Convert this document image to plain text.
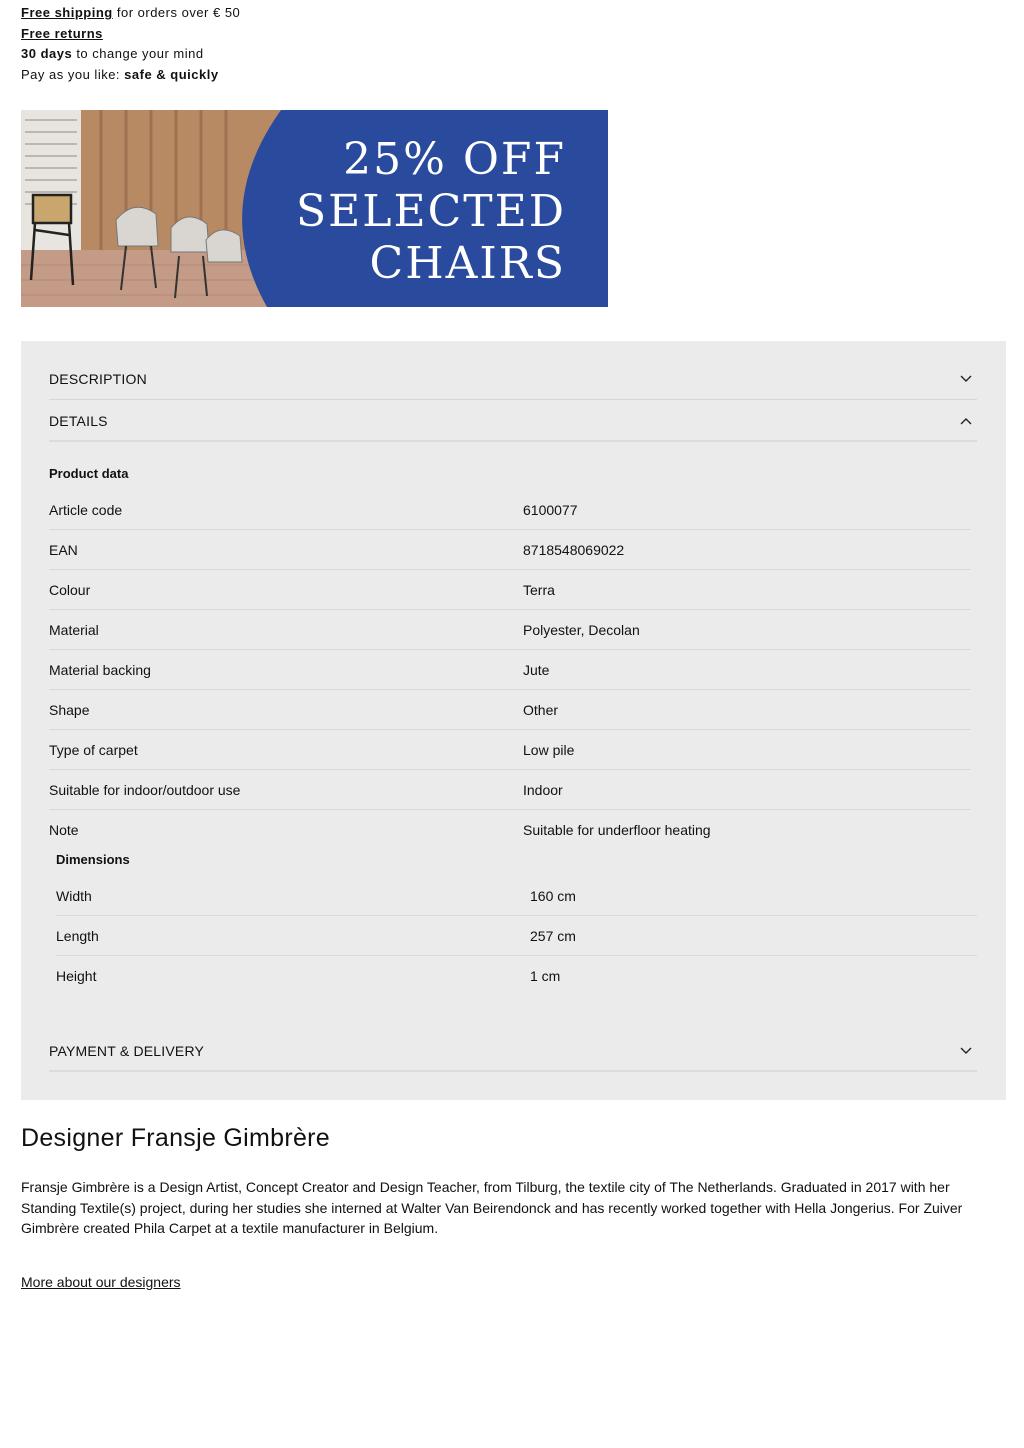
Free shipping for orders over € 50
Free returns
30 days to change your mind
Pay as you like: safe & quickly
25% OFF
SELECTED
CHAIRS
DESCRIPTION
DETAILS
Product data
Article code	6100077
EAN	8718548069022
Colour	Terra
Material	Polyester, Decolan
Material backing	Jute
Shape	Other
Type of carpet	Low pile
Suitable for indoor/outdoor use	Indoor
Note	Suitable for underfloor heating
Dimensions
Width	160 cm
Length	257 cm
Height	1 cm
PAYMENT & DELIVERY
Designer Fransje Gimbrère

Fransje Gimbrère is a Design Artist, Concept Creator and Design Teacher, from Tilburg, the textile city of The Netherlands. Graduated in 2017 with her Standing Textile(s) project, during her studies she interned at Walter Van Beirendonck and has recently worked together with Hella Jongerius. For Zuiver Gimbrère created Phila Carpet at a textile manufacturer in Belgium.

More about our designers
